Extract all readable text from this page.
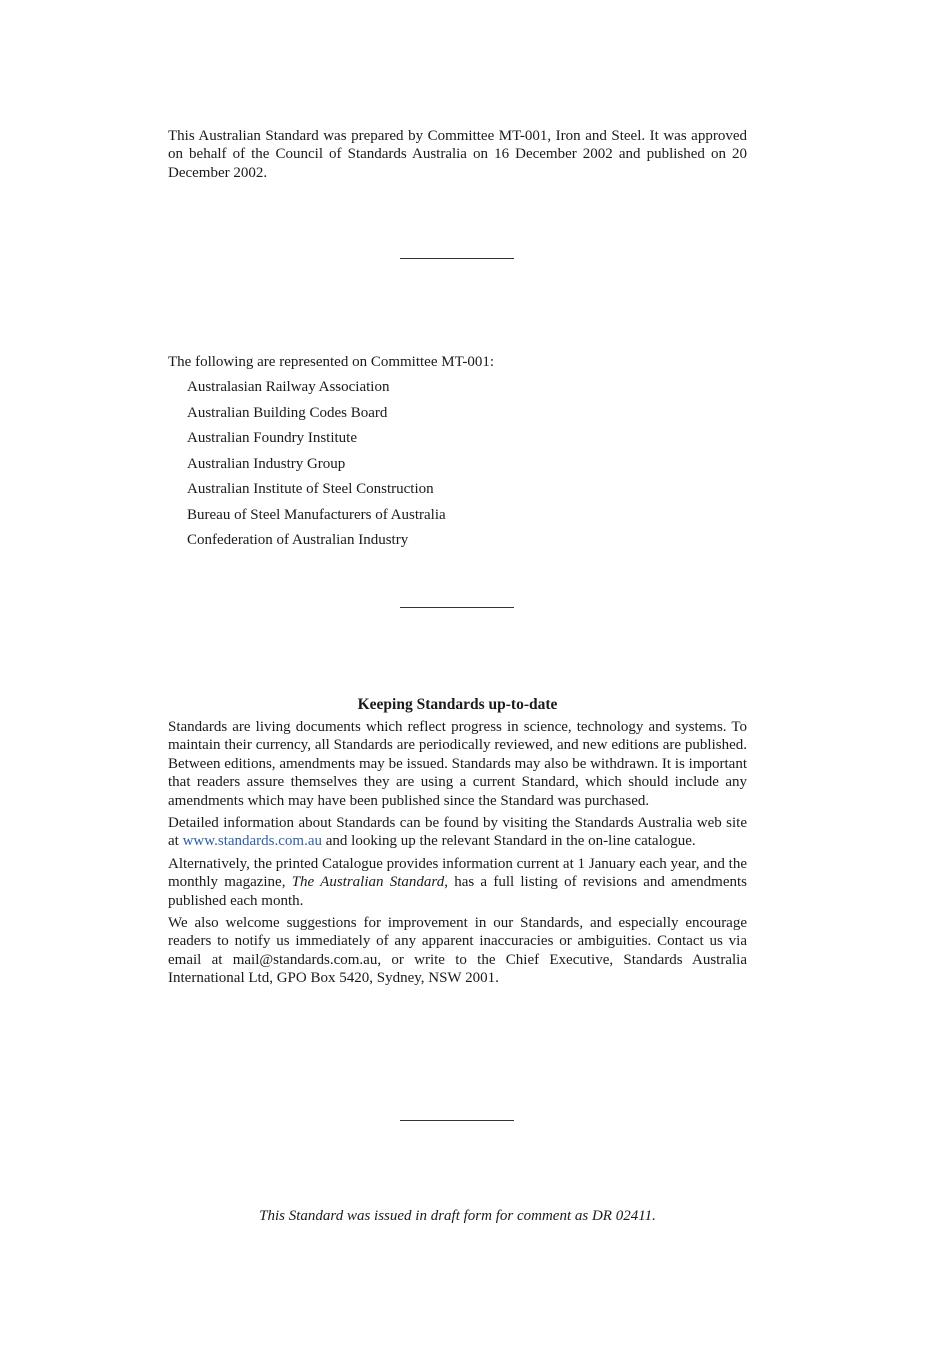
This Australian Standard was prepared by Committee MT-001, Iron and Steel. It was approved on behalf of the Council of Standards Australia on 16 December 2002 and published on 20 December 2002.

The following are represented on Committee MT-001:

Australasian Railway Association
Australian Building Codes Board
Australian Foundry Institute
Australian Industry Group
Australian Institute of Steel Construction
Bureau of Steel Manufacturers of Australia
Confederation of Australian Industry
Keeping Standards up-to-date

Standards are living documents which reflect progress in science, technology and systems. To maintain their currency, all Standards are periodically reviewed, and new editions are published. Between editions, amendments may be issued. Standards may also be withdrawn. It is important that readers assure themselves they are using a current Standard, which should include any amendments which may have been published since the Standard was purchased.

Detailed information about Standards can be found by visiting the Standards Australia web site at www.standards.com.au and looking up the relevant Standard in the on-line catalogue.

Alternatively, the printed Catalogue provides information current at 1 January each year, and the monthly magazine, The Australian Standard, has a full listing of revisions and amendments published each month.

We also welcome suggestions for improvement in our Standards, and especially encourage readers to notify us immediately of any apparent inaccuracies or ambiguities. Contact us via email at mail@standards.com.au, or write to the Chief Executive, Standards Australia International Ltd, GPO Box 5420, Sydney, NSW 2001.

This Standard was issued in draft form for comment as DR 02411.
